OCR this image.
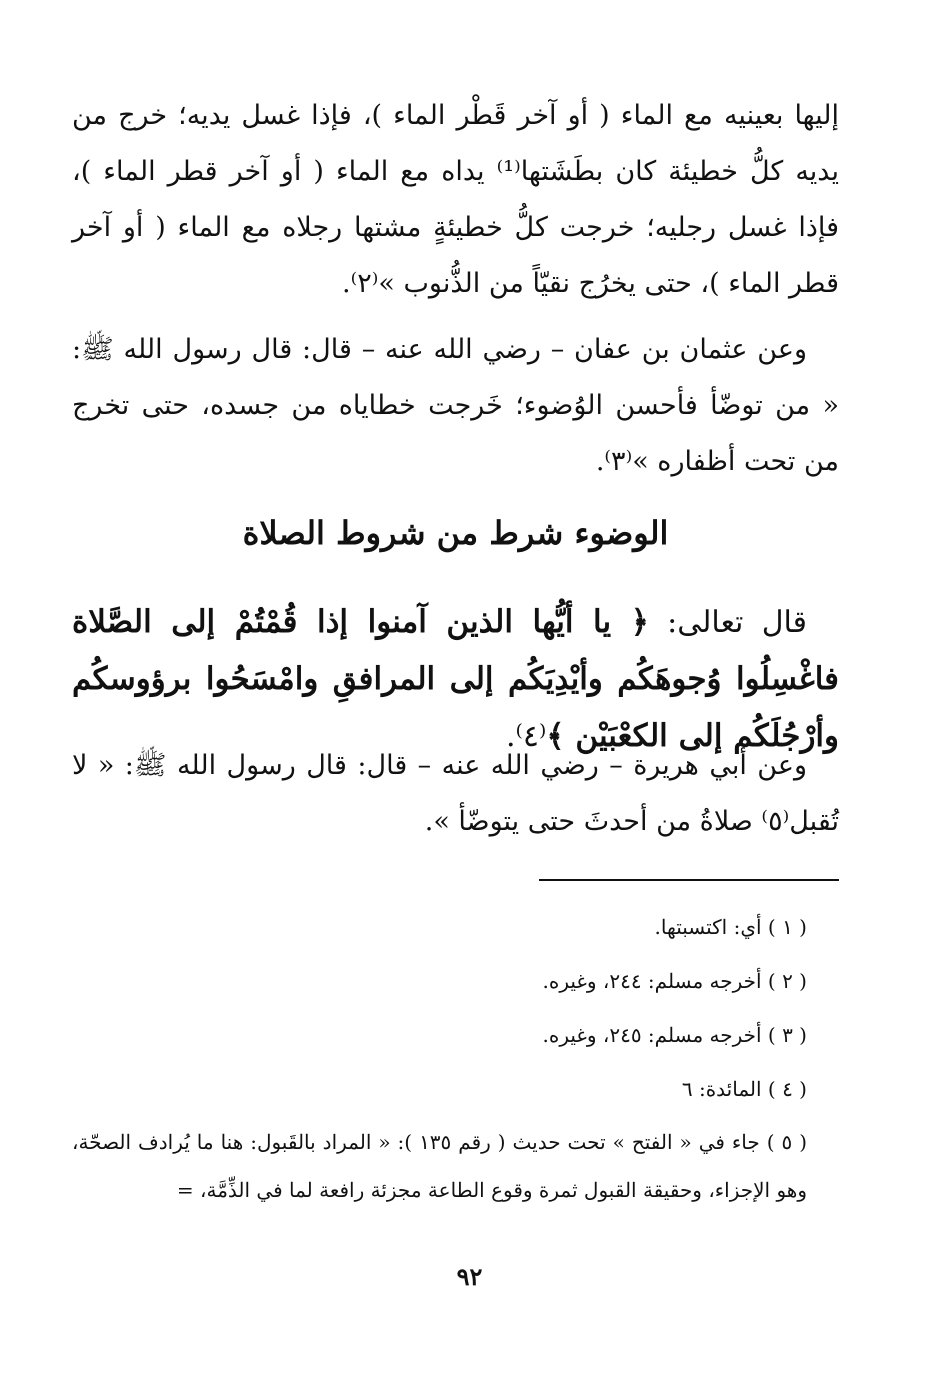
إليها بعينيه مع الماء ( أو آخر قَطْر الماء )، فإذا غسل يديه؛ خرج من يديه كلُّ خطيئة كان بطَشَتها⁽¹⁾ يداه مع الماء ( أو آخر قطر الماء )، فإذا غسل رجليه؛ خرجت كلُّ خطيئةٍ مشتها رجلاه مع الماء ( أو آخر قطر الماء )، حتى يخرُج نقيّاً من الذُّنوب »⁽٢⁾.

وعن عثمان بن عفان – رضي الله عنه – قال: قال رسول الله ﷺ: « من توضّأ فأحسن الوُضوء؛ خَرجت خطاياه من جسده، حتى تخرج من تحت أظفاره »⁽٣⁾.

الوضوء شرط من شروط الصلاة
قال تعالى: ﴿ يا أيُّها الذين آمنوا إذا قُمْتُمْ إلى الصَّلاة فاغْسِلُوا وُجوهَكُم وأيْدِيَكُم إلى المرافقِ وامْسَحُوا برؤوسكُم وأرْجُلَكُم إلى الكعْبَيْن ﴾⁽٤⁾.
وعن أبي هريرة – رضي الله عنه – قال: قال رسول الله ﷺ: « لا تُقبل⁽٥⁾ صلاةُ من أحدثَ حتى يتوضّأ ».

( ١ ) أي: اكتسبتها.

( ٢ ) أخرجه مسلم: ٢٤٤، وغيره.

( ٣ ) أخرجه مسلم: ٢٤٥، وغيره.

( ٤ ) المائدة: ٦

( ٥ ) جاء في « الفتح » تحت حديث ( رقم ١٣٥ ): « المراد بالقَبول: هنا ما يُرادف الصحّة، وهو الإجزاء، وحقيقة القبول ثمرة وقوع الطاعة مجزئة رافعة لما في الذِّمَّة، =

٩٢
